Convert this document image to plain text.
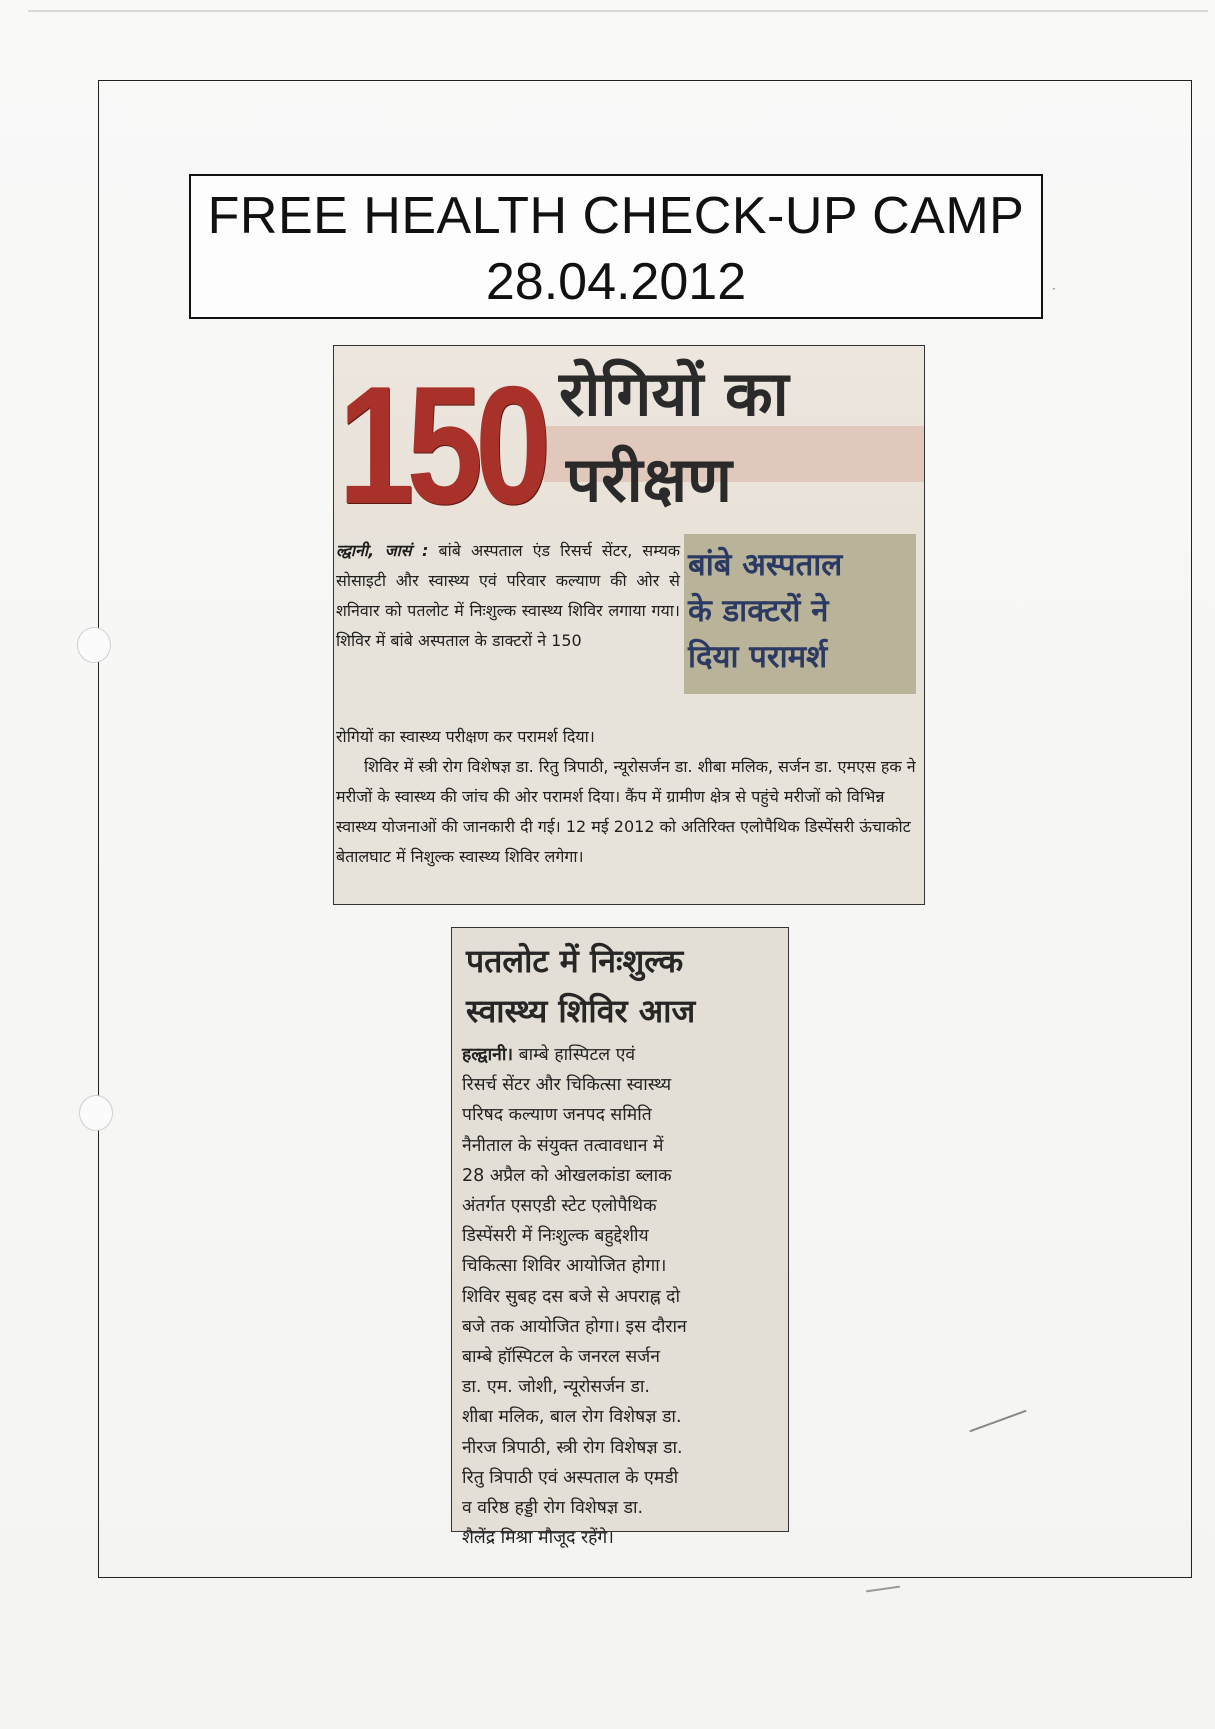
FREE HEALTH CHECK-UP CAMP
28.04.2012
150 रोगियों का
परीक्षण
बांबे अस्पताल
के डाक्टरों ने
दिया परामर्श
ल्द्वानी, जासं : बांबे अस्पताल एंड रिसर्च सेंटर, सम्यक सोसाइटी और स्वास्थ्य एवं परिवार कल्याण की ओर से शनिवार को पतलोट में निःशुल्क स्वास्थ्य शिविर लगाया गया। शिविर में बांबे अस्पताल के डाक्टरों ने 150

रोगियों का स्वास्थ्य परीक्षण कर परामर्श दिया।

शिविर में स्त्री रोग विशेषज्ञ डा. रितु त्रिपाठी, न्यूरोसर्जन डा. शीबा मलिक, सर्जन डा. एमएस हक ने मरीजों के स्वास्थ्य की जांच की ओर परामर्श दिया। कैंप में ग्रामीण क्षेत्र से पहुंचे मरीजों को विभिन्न स्वास्थ्य योजनाओं की जानकारी दी गई। 12 मई 2012 को अतिरिक्त एलोपैथिक डिस्पेंसरी ऊंचाकोट बेतालघाट में निशुल्क स्वास्थ्य शिविर लगेगा।

पतलोट में निःशुल्क
स्वास्थ्य शिविर आज
हल्द्वानी। बाम्बे हास्पिटल एवं
रिसर्च सेंटर और चिकित्सा स्वास्थ्य
परिषद कल्याण जनपद समिति
नैनीताल के संयुक्त तत्वावधान में
28 अप्रैल को ओखलकांडा ब्लाक
अंतर्गत एसएडी स्टेट एलोपैथिक
डिस्पेंसरी में निःशुल्क बहुद्देशीय
चिकित्सा शिविर आयोजित होगा।
शिविर सुबह दस बजे से अपराह्न दो
बजे तक आयोजित होगा। इस दौरान
बाम्बे हॉस्पिटल के जनरल सर्जन
डा. एम. जोशी, न्यूरोसर्जन डा.
शीबा मलिक, बाल रोग विशेषज्ञ डा.
नीरज त्रिपाठी, स्त्री रोग विशेषज्ञ डा.
रितु त्रिपाठी एवं अस्पताल के एमडी
व वरिष्ठ हड्डी रोग विशेषज्ञ डा.
शैलेंद्र मिश्रा मौजूद रहेंगे।
·
